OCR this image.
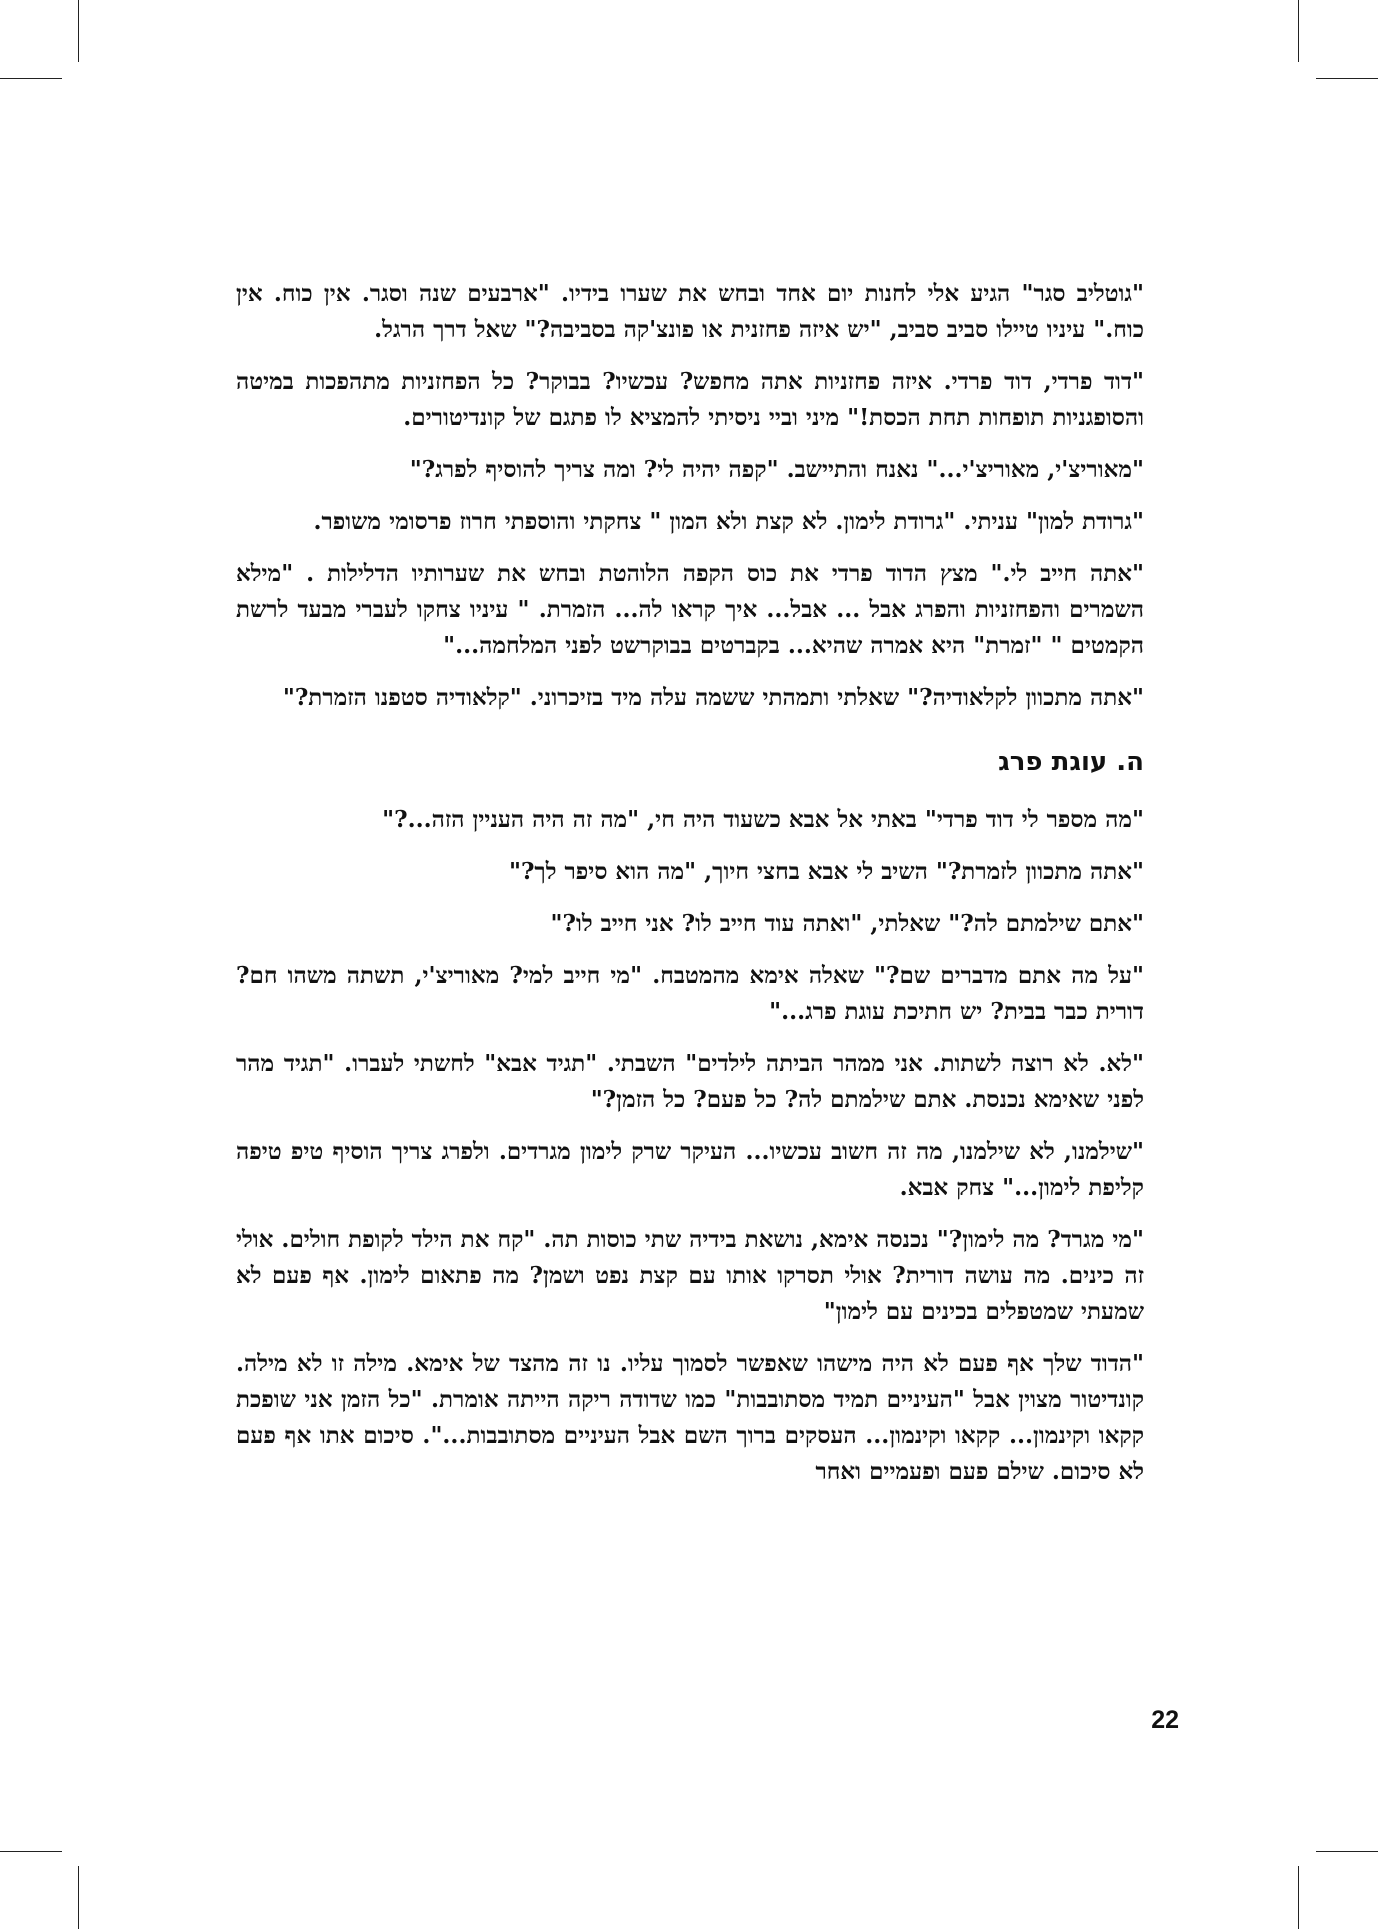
"גוטליב סגר" הגיע אלי לחנות יום אחד ובחש את שערו בידיו. "ארבעים שנה וסגר. אין כוח. אין כוח." עיניו טיילו סביב סביב, "יש איזה פחזנית או פונצ'קה בסביבה?" שאל דרך הרגל.

"דוד פרדי, דוד פרדי. איזה פחזניות אתה מחפש? עכשיו? בבוקר? כל הפחזניות מתהפכות במיטה והסופגניות תופחות תחת הכסת!" מיני וביי ניסיתי להמציא לו פתגם של קונדיטורים.

"מאוריצ'י, מאוריצ'י..." נאנח והתיישב. "קפה יהיה לי? ומה צריך להוסיף לפרג?"

"גרודת למון" עניתי. "גרודת לימון. לא קצת ולא המון " צחקתי והוספתי חרוז פרסומי משופר.

"אתה חייב לי." מצץ הדוד פרדי את כוס הקפה הלוהטת ובחש את שערותיו הדלילות . "מילא השמרים והפחזניות והפרג אבל ... אבל... איך קראו לה... הזמרת. " עיניו צחקו לעברי מבעד לרשת הקמטים " "זמרת" היא אמרה שהיא... בקברטים בבוקרשט לפני המלחמה..."

"אתה מתכוון לקלאודיה?" שאלתי ותמהתי ששמה עלה מיד בזיכרוני. "קלאודיה סטפנו הזמרת?"

ה. עוגת פרג

"מה מספר לי דוד פרדי" באתי אל אבא כשעוד היה חי, "מה זה היה העניין הזה...?"

"אתה מתכוון לזמרת?" השיב לי אבא בחצי חיוך, "מה הוא סיפר לך?"

"אתם שילמתם לה?" שאלתי, "ואתה עוד חייב לו? אני חייב לו?"

"על מה אתם מדברים שם?" שאלה אימא מהמטבח. "מי חייב למי? מאוריצ'י, תשתה משהו חם? דורית כבר בבית? יש חתיכת עוגת פרג..."

"לא. לא רוצה לשתות. אני ממהר הביתה לילדים" השבתי. "תגיד אבא" לחשתי לעברו. "תגיד מהר לפני שאימא נכנסת. אתם שילמתם לה? כל פעם? כל הזמן?"

"שילמנו, לא שילמנו, מה זה חשוב עכשיו... העיקר שרק לימון מגרדים. ולפרג צריך הוסיף טיפ טיפה קליפת לימון..." צחק אבא.

"מי מגרד? מה לימון?" נכנסה אימא, נושאת בידיה שתי כוסות תה. "קח את הילד לקופת חולים. אולי זה כינים. מה עושה דורית? אולי תסרקו אותו עם קצת נפט ושמן? מה פתאום לימון. אף פעם לא שמעתי שמטפלים בכינים עם לימון"

"הדוד שלך אף פעם לא היה מישהו שאפשר לסמוך עליו. נו זה מהצד של אימא. מילה זו לא מילה. קונדיטור מצוין אבל "העיניים תמיד מסתובבות" כמו שדודה ריקה הייתה אומרת. "כל הזמן אני שופכת קקאו וקינמון... קקאו וקינמון... העסקים ברוך השם אבל העיניים מסתובבות...". סיכום אתו אף פעם לא סיכום. שילם פעם ופעמיים ואחר

22
